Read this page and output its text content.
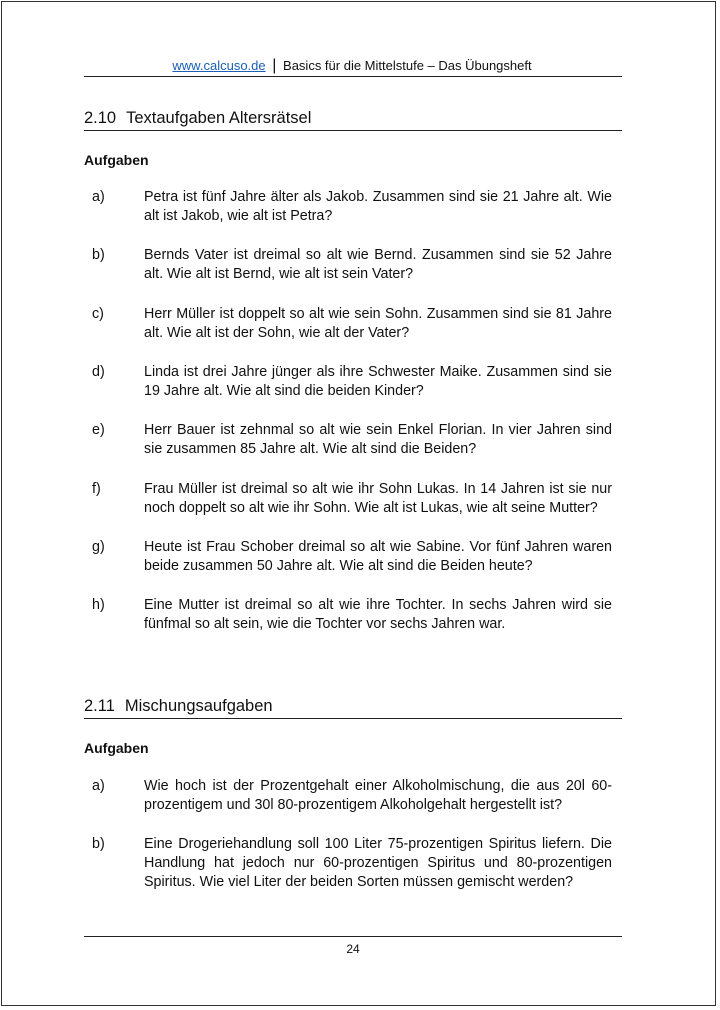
www.calcuso.de | Basics für die Mittelstufe – Das Übungsheft
2.10 Textaufgaben Altersrätsel
Aufgaben
a)	Petra ist fünf Jahre älter als Jakob. Zusammen sind sie 21 Jahre alt. Wie alt ist Jakob, wie alt ist Petra?
b)	Bernds Vater ist dreimal so alt wie Bernd. Zusammen sind sie 52 Jahre alt. Wie alt ist Bernd, wie alt ist sein Vater?
c)	Herr Müller ist doppelt so alt wie sein Sohn. Zusammen sind sie 81 Jahre alt. Wie alt ist der Sohn, wie alt der Vater?
d)	Linda ist drei Jahre jünger als ihre Schwester Maike. Zusammen sind sie 19 Jahre alt. Wie alt sind die beiden Kinder?
e)	Herr Bauer ist zehnmal so alt wie sein Enkel Florian. In vier Jahren sind sie zusammen 85 Jahre alt. Wie alt sind die Beiden?
f)	Frau Müller ist dreimal so alt wie ihr Sohn Lukas. In 14 Jahren ist sie nur noch doppelt so alt wie ihr Sohn. Wie alt ist Lukas, wie alt seine Mutter?
g)	Heute ist Frau Schober dreimal so alt wie Sabine. Vor fünf Jahren waren beide zusammen 50 Jahre alt. Wie alt sind die Beiden heute?
h)	Eine Mutter ist dreimal so alt wie ihre Tochter. In sechs Jahren wird sie fünfmal so alt sein, wie die Tochter vor sechs Jahren war.
2.11 Mischungsaufgaben
Aufgaben
a)	Wie hoch ist der Prozentgehalt einer Alkoholmischung, die aus 20l 60-prozentigem und 30l 80-prozentigem Alkoholgehalt hergestellt ist?
b)	Eine Drogeriehandlung soll 100 Liter 75-prozentigen Spiritus liefern. Die Handlung hat jedoch nur 60-prozentigen Spiritus und 80-prozentigen Spiritus. Wie viel Liter der beiden Sorten müssen gemischt werden?
24
